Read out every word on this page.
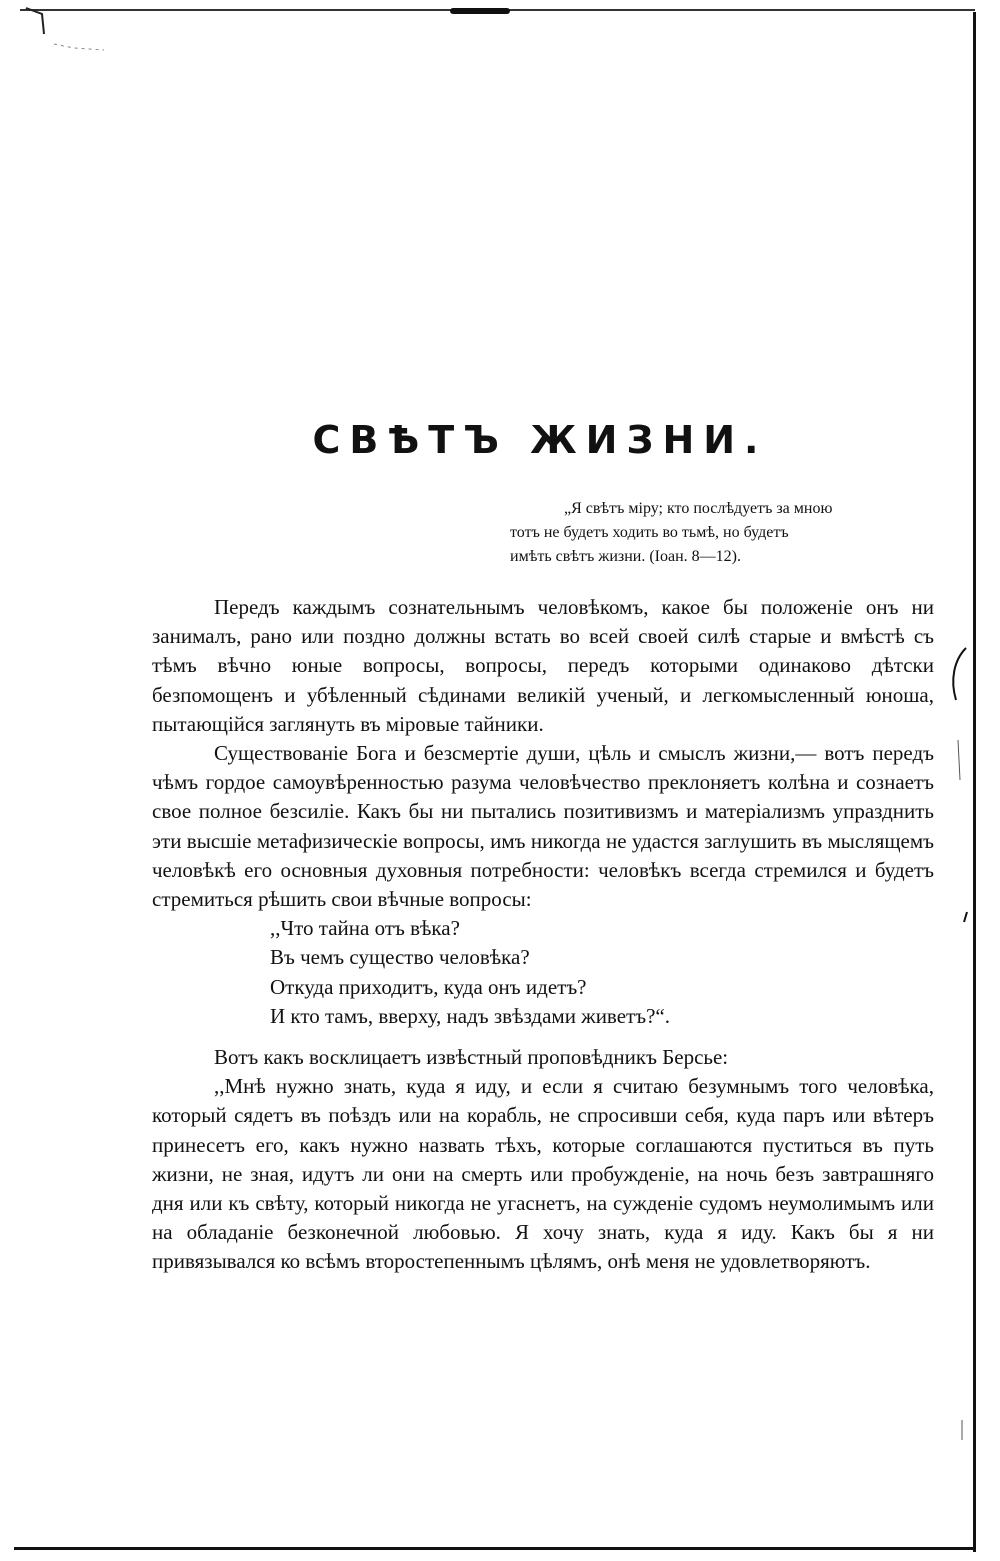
СВѢТЪ ЖИЗНИ.
„Я свѣтъ міру; кто послѣдуетъ за мною
тотъ не будетъ ходить во тьмѣ, но будетъ
имѣть свѣтъ жизни. (Іоан. 8—12).

Передъ каждымъ сознательнымъ человѣкомъ, какое бы положеніе онъ ни занималъ, рано или поздно должны встать во всей своей силѣ старые и вмѣстѣ съ тѣмъ вѣчно юные вопросы, вопросы, передъ которыми одинаково дѣтски безпомощенъ и убѣленный сѣдинами великій ученый, и легкомысленный юноша, пытающійся заглянуть въ міровые тайники.

Существованіе Бога и безсмертіе души, цѣль и смыслъ жизни,— вотъ передъ чѣмъ гордое самоувѣренностью разума человѣчество преклоняетъ колѣна и сознаетъ свое полное безсиліе. Какъ бы ни пытались позитивизмъ и матеріализмъ упразднить эти высшіе метафизическіе вопросы, имъ никогда не удастся заглушить въ мыслящемъ человѣкѣ его основныя духовныя потребности: человѣкъ всегда стремился и будетъ стремиться рѣшить свои вѣчные вопросы:

,,Что тайна отъ вѣка?
Въ чемъ существо человѣка?
Откуда приходитъ, куда онъ идетъ?
И кто тамъ, вверху, надъ звѣздами живетъ?“.

Вотъ какъ восклицаетъ извѣстный проповѣдникъ Берсье:

,,Мнѣ нужно знать, куда я иду, и если я считаю безумнымъ того человѣка, который сядетъ въ поѣздъ или на корабль, не спросивши себя, куда паръ или вѣтеръ принесетъ его, какъ нужно назвать тѣхъ, которые соглашаются пуститься въ путь жизни, не зная, идутъ ли они на смерть или пробужденіе, на ночь безъ завтрашняго дня или къ свѣту, который никогда не угаснетъ, на сужденіе судомъ неумолимымъ или на обладаніе безконечной любовью. Я хочу знать, куда я иду. Какъ бы я ни привязывался ко всѣмъ второстепеннымъ цѣлямъ, онѣ меня не удовлетворяютъ.
